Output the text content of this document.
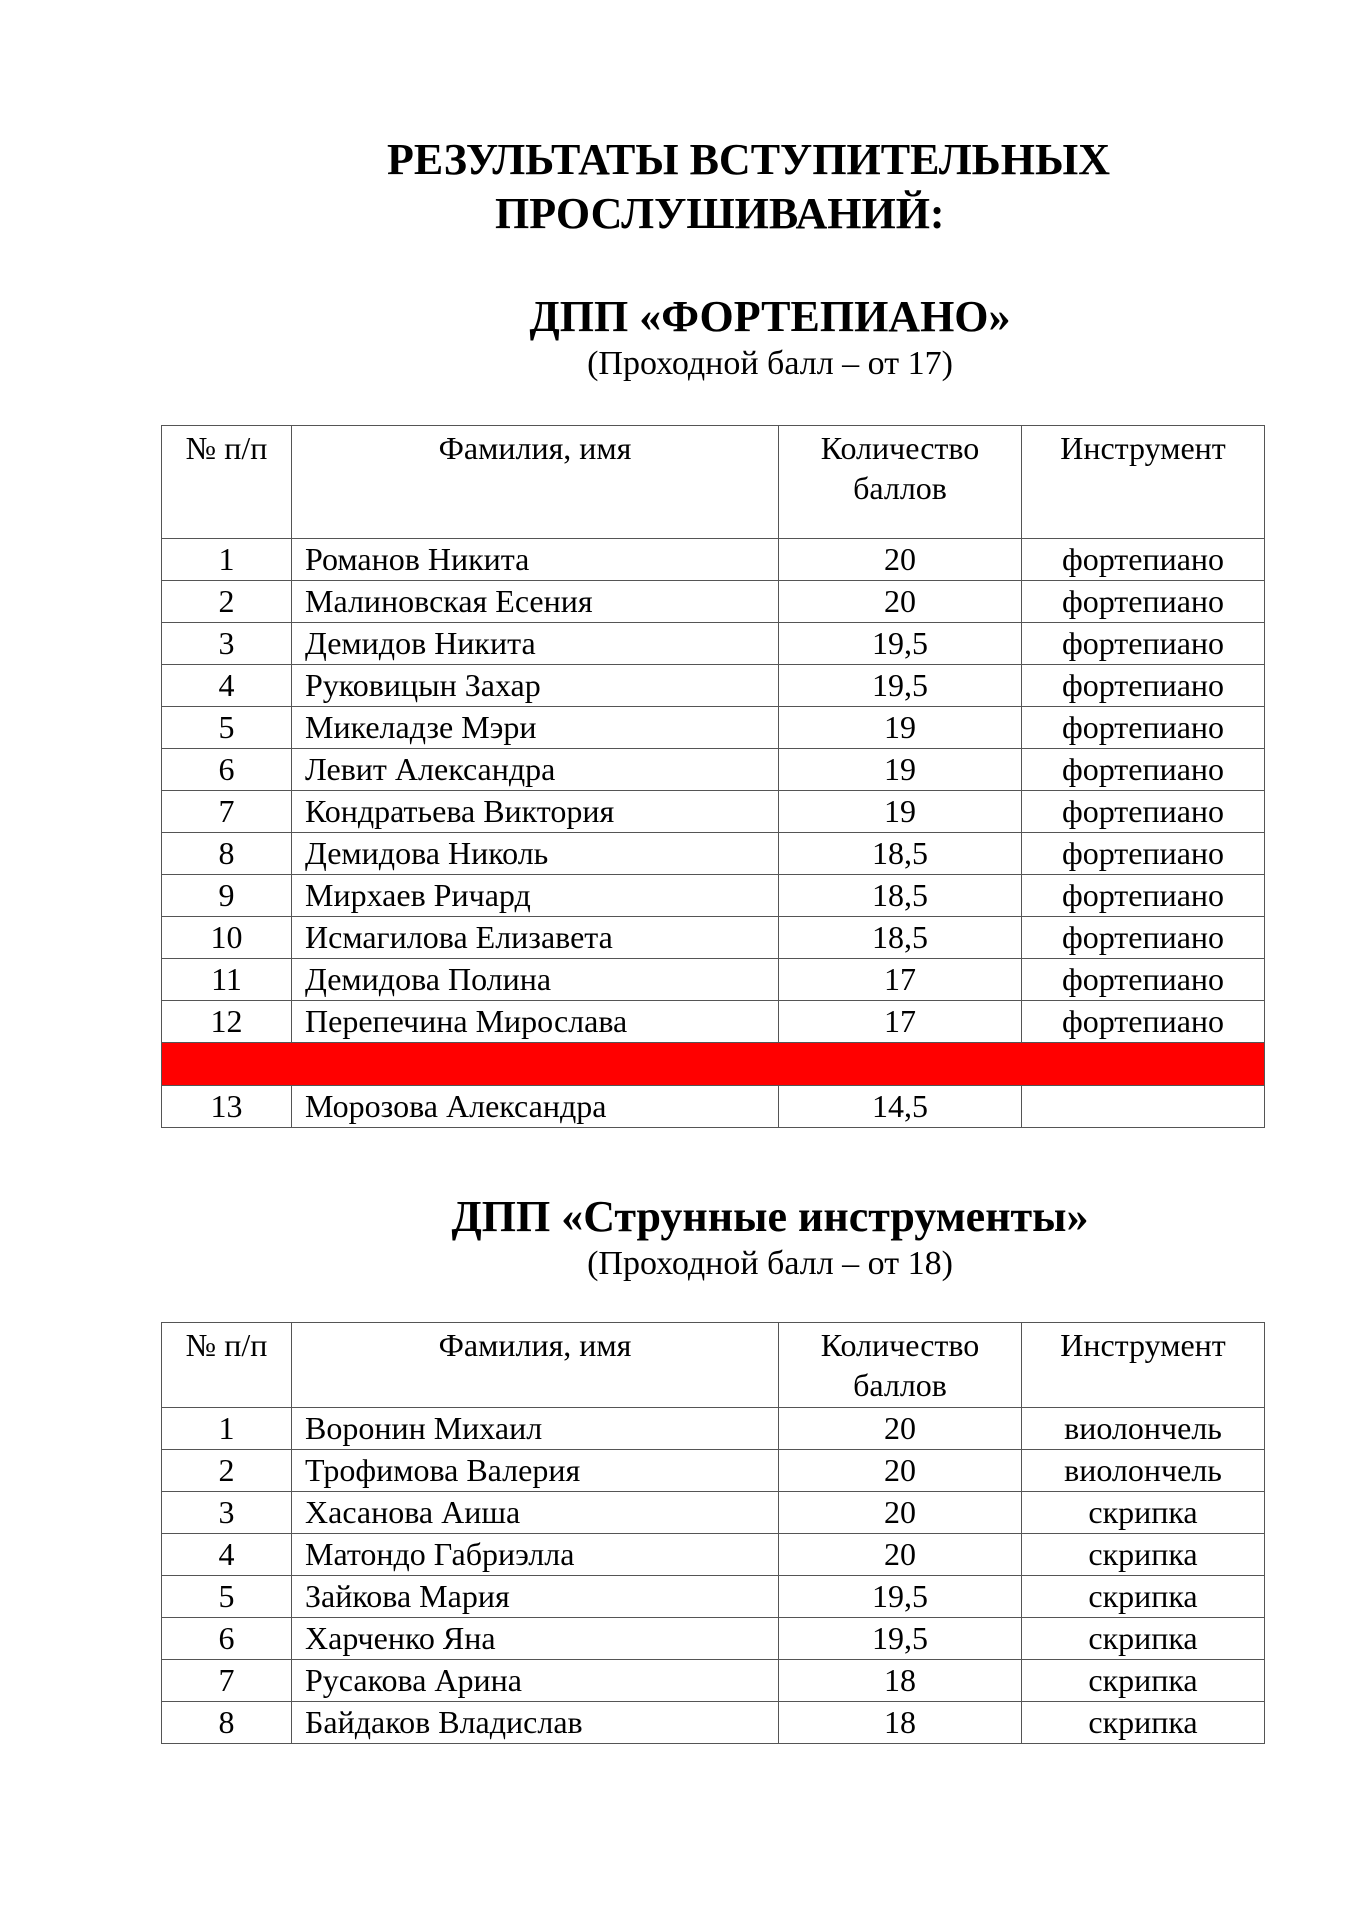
РЕЗУЛЬТАТЫ ВСТУПИТЕЛЬНЫХ
ПРОСЛУШИВАНИЙ:
ДПП «ФОРТЕПИАНО»
(Проходной балл – от 17)
№ п/п	Фамилия, имя	Количество баллов	Инструмент
1	Романов Никита	20	фортепиано
2	Малиновская Есения	20	фортепиано
3	Демидов Никита	19,5	фортепиано
4	Руковицын Захар	19,5	фортепиано
5	Микеладзе Мэри	19	фортепиано
6	Левит Александра	19	фортепиано
7	Кондратьева Виктория	19	фортепиано
8	Демидова Николь	18,5	фортепиано
9	Мирхаев Ричард	18,5	фортепиано
10	Исмагилова Елизавета	18,5	фортепиано
11	Демидова Полина	17	фортепиано
12	Перепечина Мирослава	17	фортепиано

13	Морозова Александра	14,5	
ДПП «Струнные инструменты»
(Проходной балл – от 18)
№ п/п	Фамилия, имя	Количество баллов	Инструмент
1	Воронин Михаил	20	виолончель
2	Трофимова Валерия	20	виолончель
3	Хасанова Аиша	20	скрипка
4	Матондо Габриэлла	20	скрипка
5	Зайкова Мария	19,5	скрипка
6	Харченко Яна	19,5	скрипка
7	Русакова Арина	18	скрипка
8	Байдаков Владислав	18	скрипка
